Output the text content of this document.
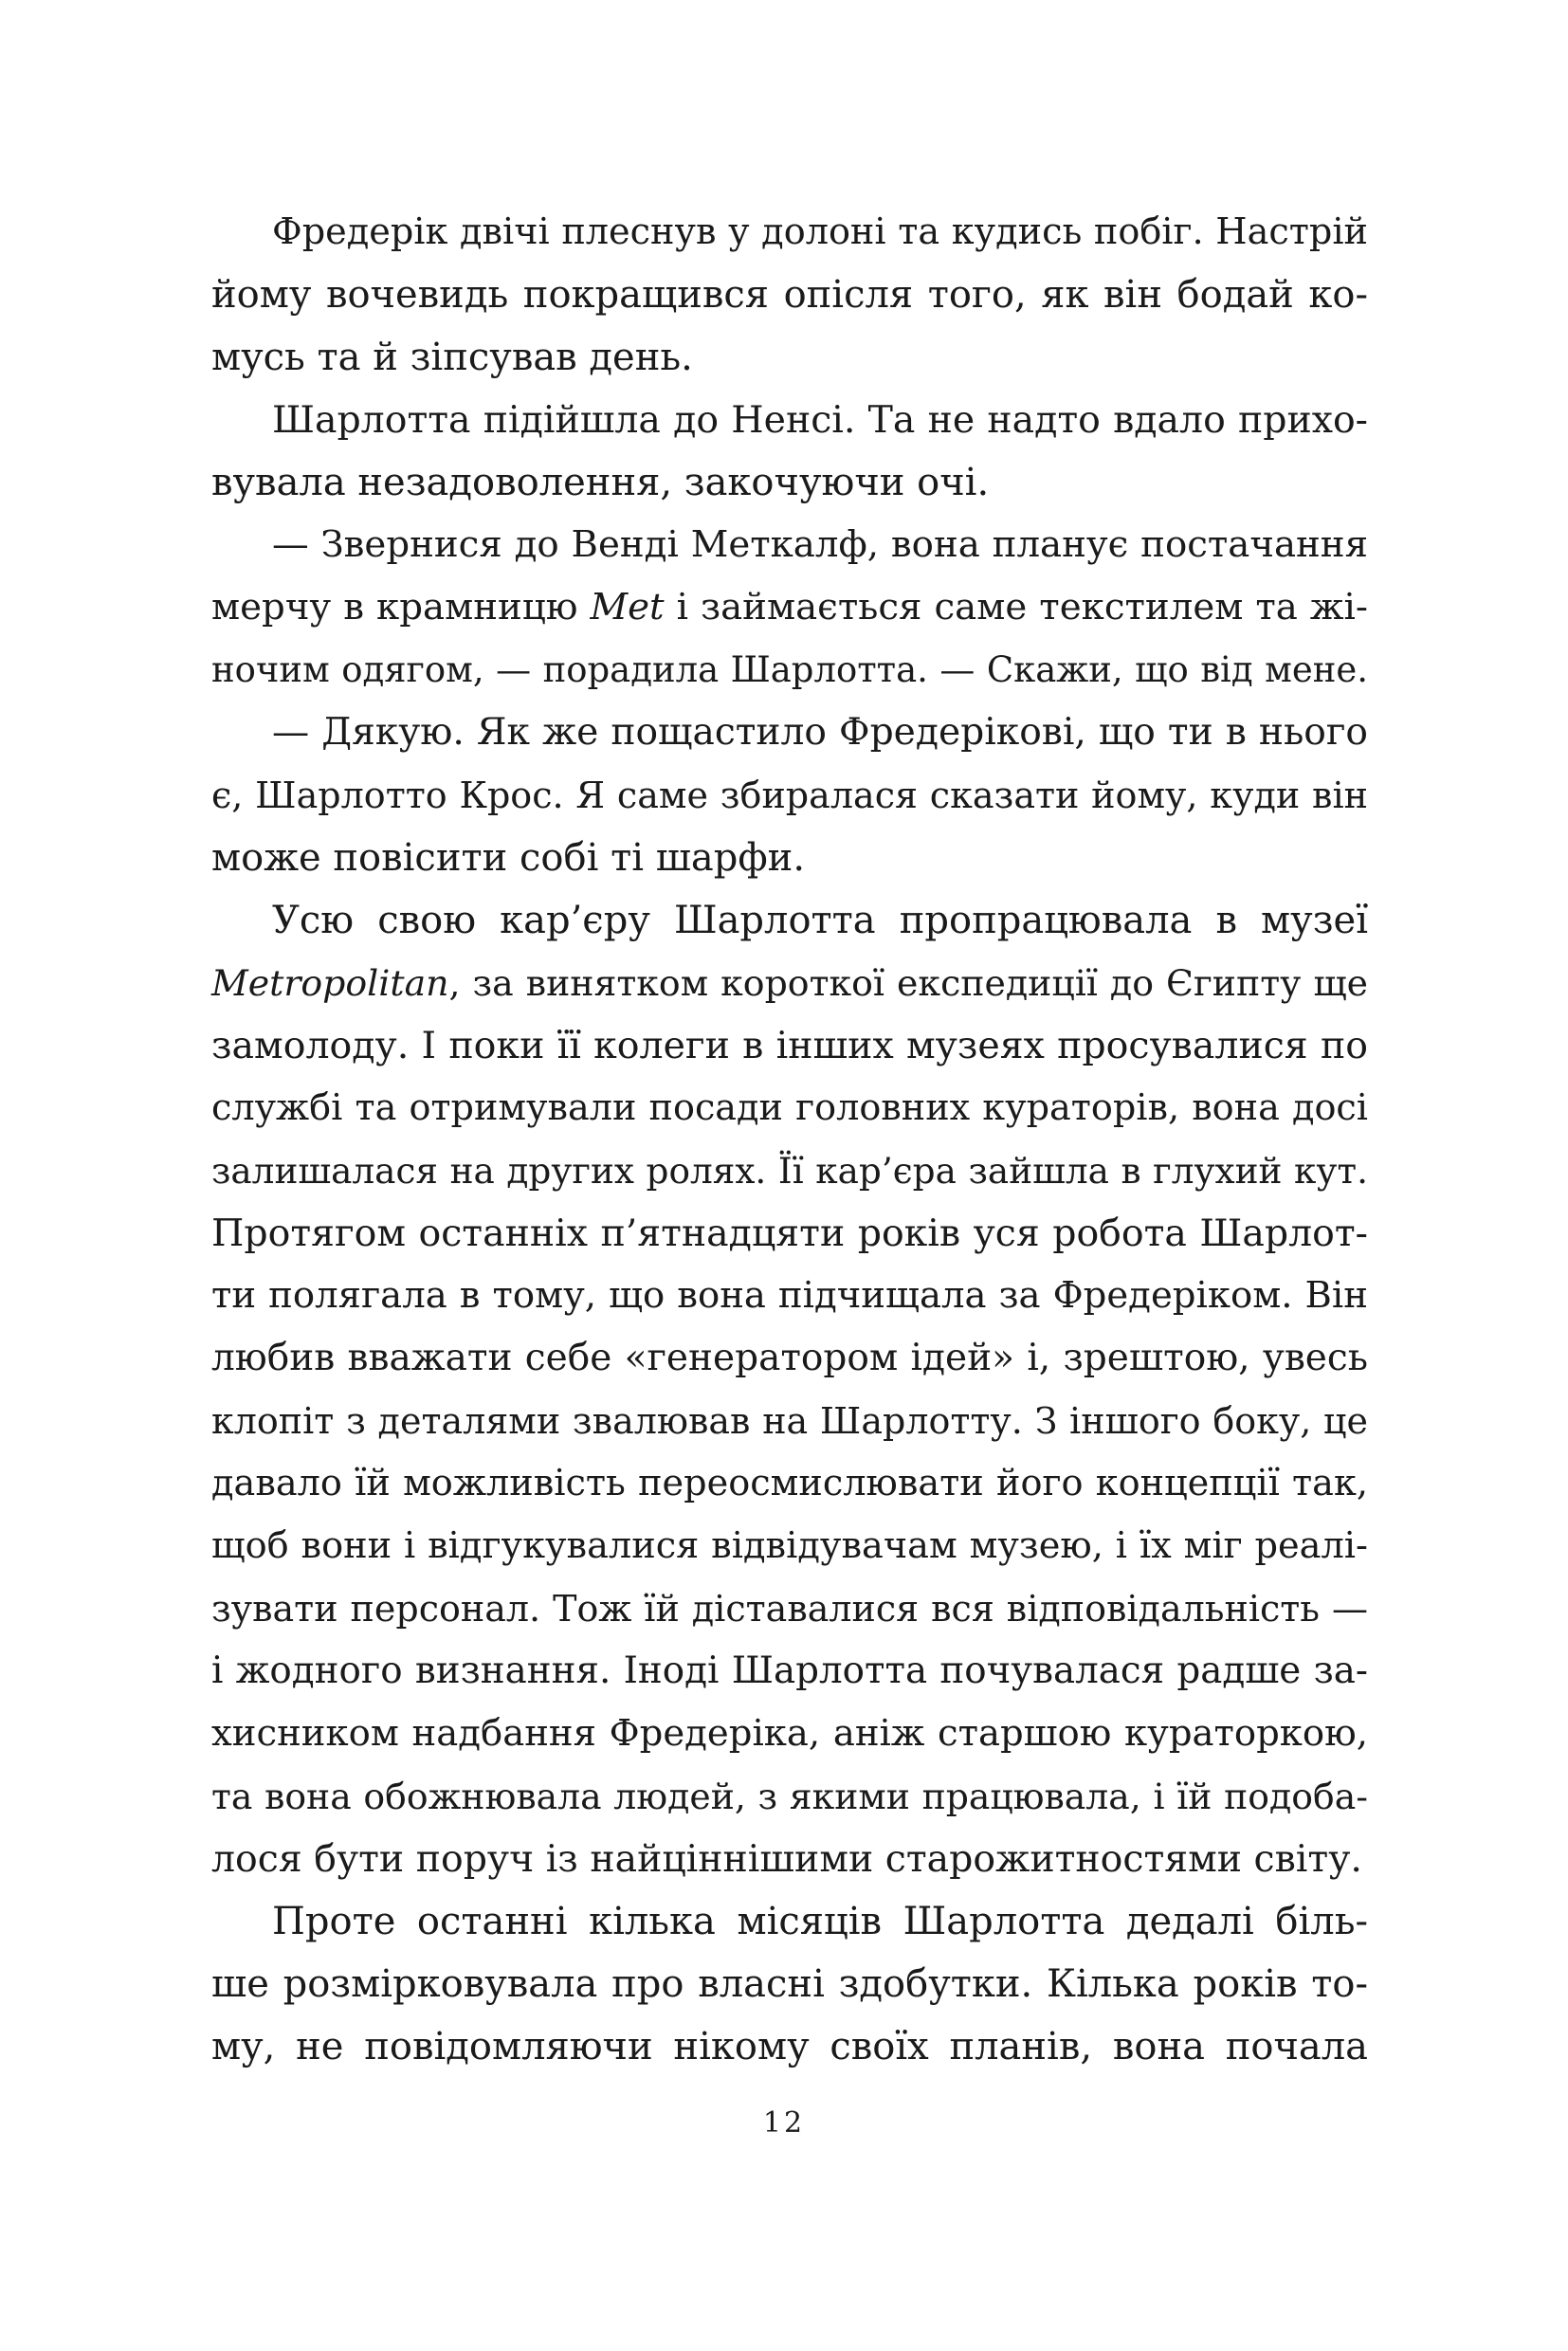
Фредерік двічі плеснув у долоні та кудись побіг. Настрій
йому вочевидь покращився опісля того, як він бодай ко-
мусь та й зіпсував день.
Шарлотта підійшла до Ненсі. Та не надто вдало прихо-
вувала незадоволення, закочуючи очі.
— Звернися до Венді Меткалф, вона планує постачання
мерчу в крамницю Met і займається саме текстилем та жі-
ночим одягом, — порадила Шарлотта. — Скажи, що від мене.
— Дякую. Як же пощастило Фредерікові, що ти в нього
є, Шарлотто Крос. Я саме збиралася сказати йому, куди він
може повісити собі ті шарфи.
Усю свою кар’єру Шарлотта пропрацювала в музеї
Metropolitan, за винятком короткої експедиції до Єгипту ще
замолоду. І поки її колеги в інших музеях просувалися по
службі та отримували посади головних кураторів, вона досі
залишалася на других ролях. Її кар’єра зайшла в глухий кут.
Протягом останніх п’ятнадцяти років уся робота Шарлот-
ти полягала в тому, що вона підчищала за Фредеріком. Він
любив вважати себе «генератором ідей» і, зрештою, увесь
клопіт з деталями звалював на Шарлотту. З іншого боку, це
давало їй можливість переосмислювати його концепції так,
щоб вони і відгукувалися відвідувачам музею, і їх міг реалі-
зувати персонал. Тож їй діставалися вся відповідальність —
і жодного визнання. Іноді Шарлотта почувалася радше за-
хисником надбання Фредеріка, аніж старшою кураторкою,
та вона обожнювала людей, з якими працювала, і їй подоба-
лося бути поруч із найціннішими старожитностями світу.
Проте останні кілька місяців Шарлотта дедалі біль-
ше розмірковувала про власні здобутки. Кілька років то-
му, не повідомляючи нікому своїх планів, вона почала
12
